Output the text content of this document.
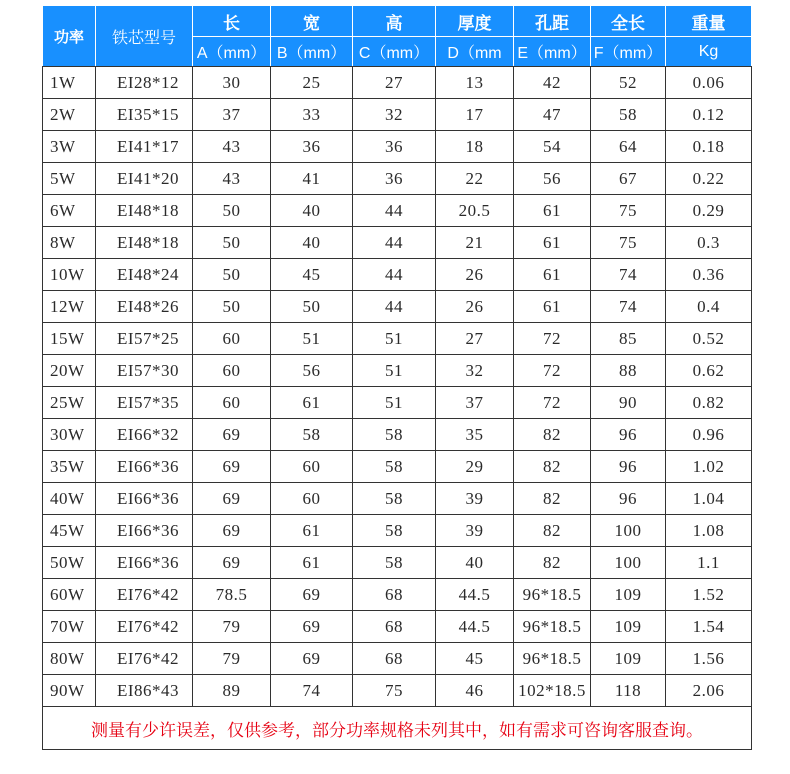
功率	铁芯型号	长	宽	高	厚度	孔距	全长	重量
		A（mm）	B（mm）	C（mm）	D（mm	E（mm）	F（mm）	Kg
1W	EI28*12	30	25	27	13	42	52	0.06
2W	EI35*15	37	33	32	17	47	58	0.12
3W	EI41*17	43	36	36	18	54	64	0.18
5W	EI41*20	43	41	36	22	56	67	0.22
6W	EI48*18	50	40	44	20.5	61	75	0.29
8W	EI48*18	50	40	44	21	61	75	0.3
10W	EI48*24	50	45	44	26	61	74	0.36
12W	EI48*26	50	50	44	26	61	74	0.4
15W	EI57*25	60	51	51	27	72	85	0.52
20W	EI57*30	60	56	51	32	72	88	0.62
25W	EI57*35	60	61	51	37	72	90	0.82
30W	EI66*32	69	58	58	35	82	96	0.96
35W	EI66*36	69	60	58	29	82	96	1.02
40W	EI66*36	69	60	58	39	82	96	1.04
45W	EI66*36	69	61	58	39	82	100	1.08
50W	EI66*36	69	61	58	40	82	100	1.1
60W	EI76*42	78.5	69	68	44.5	96*18.5	109	1.52
70W	EI76*42	79	69	68	44.5	96*18.5	109	1.54
80W	EI76*42	79	69	68	45	96*18.5	109	1.56
90W	EI86*43	89	74	75	46	102*18.5	118	2.06
测量有少许误差，仅供参考，部分功率规格未列其中，如有需求可咨询客服查询。								
